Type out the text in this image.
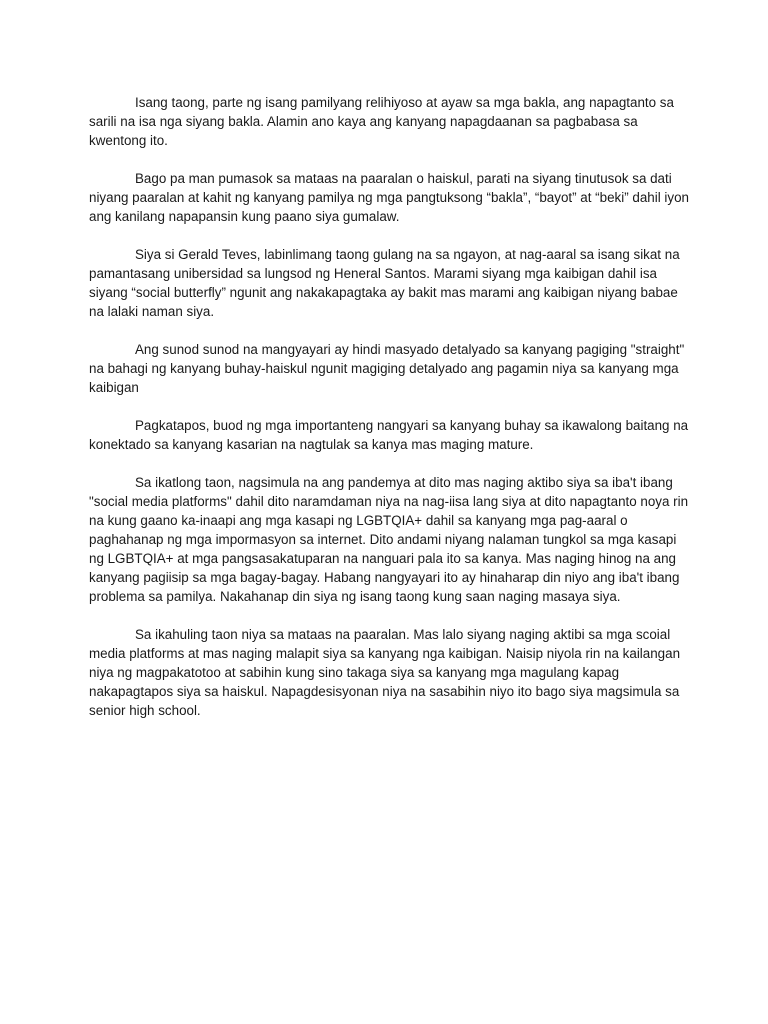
Isang taong, parte ng isang pamilyang relihiyoso at ayaw sa mga bakla, ang napagtanto sa sarili na isa nga siyang bakla. Alamin ano kaya ang kanyang napagdaanan sa pagbabasa sa kwentong ito.

Bago pa man pumasok sa mataas na paaralan o haiskul, parati na siyang tinutusok sa dati niyang paaralan at kahit ng kanyang pamilya ng mga pangtuksong “bakla”, “bayot” at “beki” dahil iyon ang kanilang napapansin kung paano siya gumalaw.

Siya si Gerald Teves, labinlimang taong gulang na sa ngayon, at nag-aaral sa isang sikat na pamantasang unibersidad sa lungsod ng Heneral Santos. Marami siyang mga kaibigan dahil isa siyang “social butterfly” ngunit ang nakakapagtaka ay bakit mas marami ang kaibigan niyang babae na lalaki naman siya.

Ang sunod sunod na mangyayari ay hindi masyado detalyado sa kanyang pagiging "straight" na bahagi ng kanyang buhay-haiskul ngunit magiging detalyado ang pagamin niya sa kanyang mga kaibigan

Pagkatapos, buod ng mga importanteng nangyari sa kanyang buhay sa ikawalong baitang na konektado sa kanyang kasarian na nagtulak sa kanya mas maging mature.

Sa ikatlong taon, nagsimula na ang pandemya at dito mas naging aktibo siya sa iba't ibang "social media platforms" dahil dito naramdaman niya na nag-iisa lang siya at dito napagtanto noya rin na kung gaano ka-inaapi ang mga kasapi ng LGBTQIA+ dahil sa kanyang mga pag-aaral o paghahanap ng mga impormasyon sa internet. Dito andami niyang nalaman tungkol sa mga kasapi ng LGBTQIA+ at mga pangsasakatuparan na nanguari pala ito sa kanya. Mas naging hinog na ang kanyang pagiisip sa mga bagay-bagay. Habang nangyayari ito ay hinaharap din niyo ang iba't ibang problema sa pamilya. Nakahanap din siya ng isang taong kung saan naging masaya siya.

Sa ikahuling taon niya sa mataas na paaralan. Mas lalo siyang naging aktibi sa mga scoial media platforms at mas naging malapit siya sa kanyang nga kaibigan. Naisip niyola rin na kailangan niya ng magpakatotoo at sabihin kung sino takaga siya sa kanyang mga magulang kapag nakapagtapos siya sa haiskul. Napagdesisyonan niya na sasabihin niyo ito bago siya magsimula sa senior high school.
